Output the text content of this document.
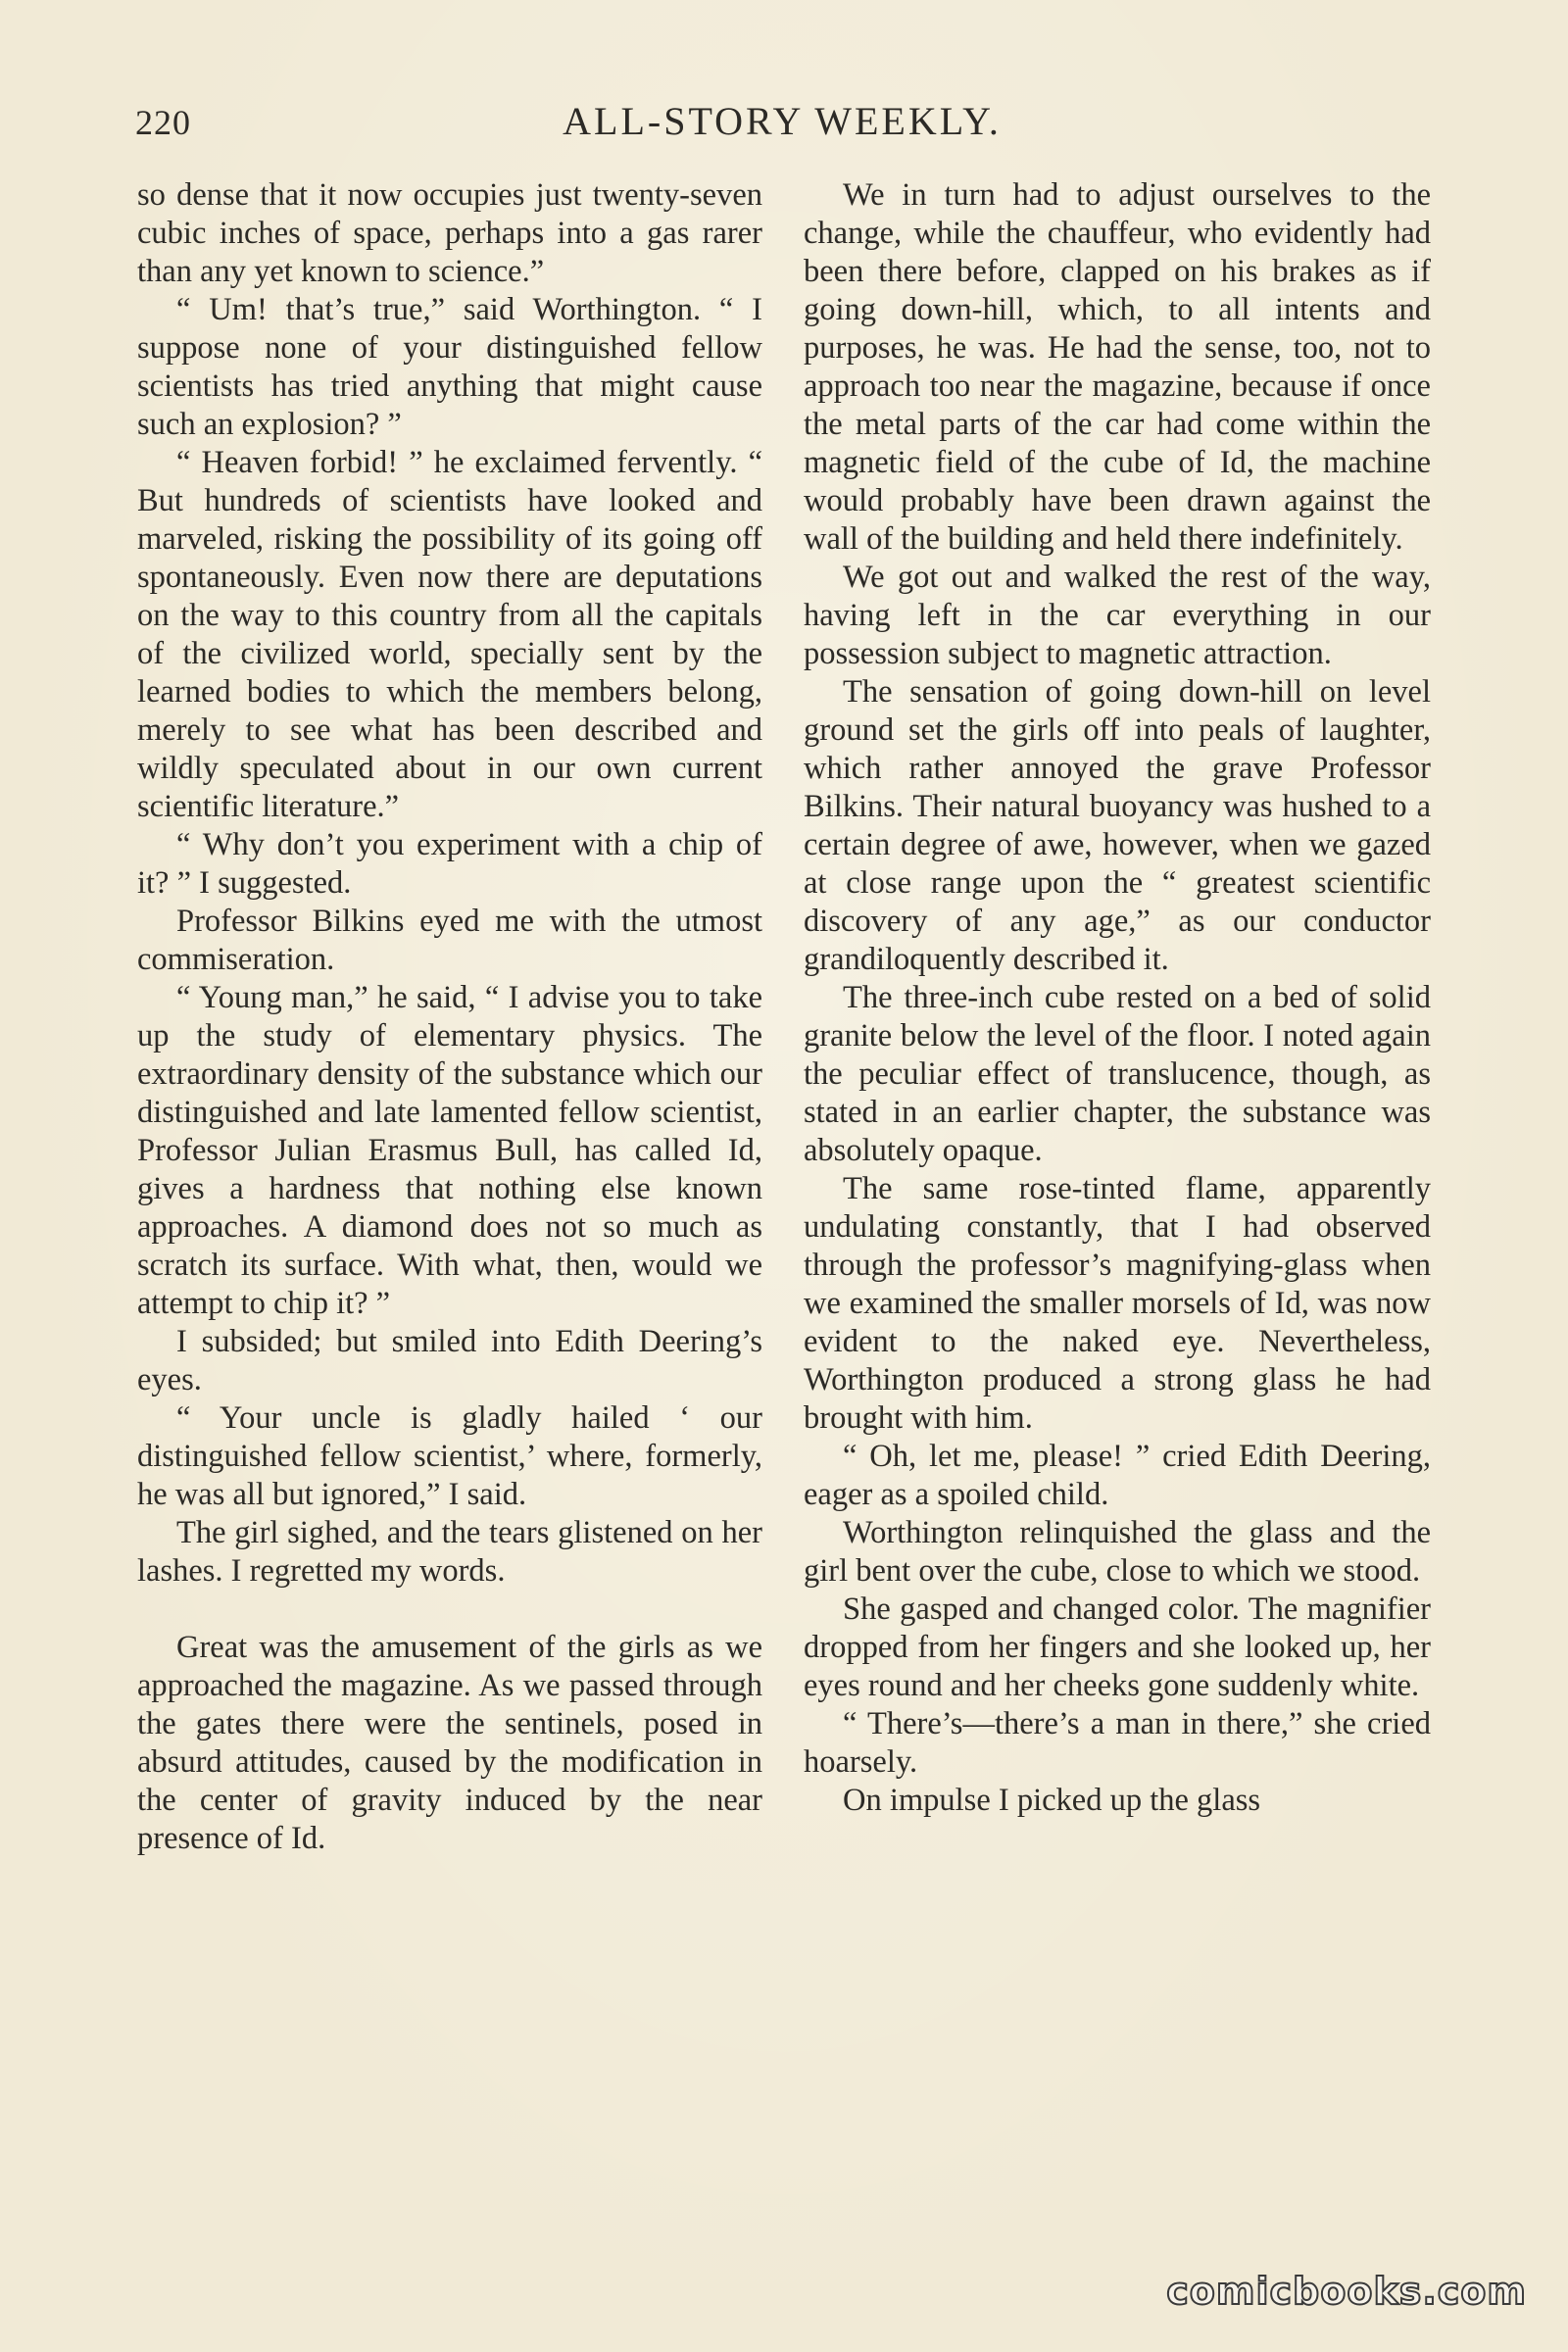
220	ALL-STORY WEEKLY.

so dense that it now occupies just twenty-seven cubic inches of space, perhaps into a gas rarer than any yet known to science.”

“ Um! that’s true,” said Worthington. “ I suppose none of your distinguished fellow scientists has tried anything that might cause such an explosion? ”

“ Heaven forbid! ” he exclaimed fervently. “ But hundreds of scientists have looked and marveled, risking the possibility of its going off spontaneously. Even now there are deputations on the way to this country from all the capitals of the civilized world, specially sent by the learned bodies to which the members belong, merely to see what has been described and wildly speculated about in our own current scientific literature.”

“ Why don’t you experiment with a chip of it? ” I suggested.

Professor Bilkins eyed me with the utmost commiseration.

“ Young man,” he said, “ I advise you to take up the study of elementary physics. The extraordinary density of the substance which our distinguished and late lamented fellow scientist, Professor Julian Erasmus Bull, has called Id, gives a hardness that nothing else known approaches. A diamond does not so much as scratch its surface. With what, then, would we attempt to chip it? ”

I subsided; but smiled into Edith Deering’s eyes.

“ Your uncle is gladly hailed ‘ our distinguished fellow scientist,’ where, formerly, he was all but ignored,” I said.

The girl sighed, and the tears glistened on her lashes. I regretted my words.

Great was the amusement of the girls as we approached the magazine. As we passed through the gates there were the sentinels, posed in absurd attitudes, caused by the modification in the center of gravity induced by the near presence of Id.

We in turn had to adjust ourselves to the change, while the chauffeur, who evidently had been there before, clapped on his brakes as if going down-hill, which, to all intents and purposes, he was. He had the sense, too, not to approach too near the magazine, because if once the metal parts of the car had come within the magnetic field of the cube of Id, the machine would probably have been drawn against the wall of the building and held there indefinitely.

We got out and walked the rest of the way, having left in the car everything in our possession subject to magnetic attraction.

The sensation of going down-hill on level ground set the girls off into peals of laughter, which rather annoyed the grave Professor Bilkins. Their natural buoyancy was hushed to a certain degree of awe, however, when we gazed at close range upon the “ greatest scientific discovery of any age,” as our conductor grandiloquently described it.

The three-inch cube rested on a bed of solid granite below the level of the floor. I noted again the peculiar effect of translucence, though, as stated in an earlier chapter, the substance was absolutely opaque.

The same rose-tinted flame, apparently undulating constantly, that I had observed through the professor’s magnifying-glass when we examined the smaller morsels of Id, was now evident to the naked eye. Nevertheless, Worthington produced a strong glass he had brought with him.

“ Oh, let me, please! ” cried Edith Deering, eager as a spoiled child.

Worthington relinquished the glass and the girl bent over the cube, close to which we stood.

She gasped and changed color. The magnifier dropped from her fingers and she looked up, her eyes round and her cheeks gone suddenly white.

“ There’s—there’s a man in there,” she cried hoarsely.

On impulse I picked up the glass

comicbooks.com
